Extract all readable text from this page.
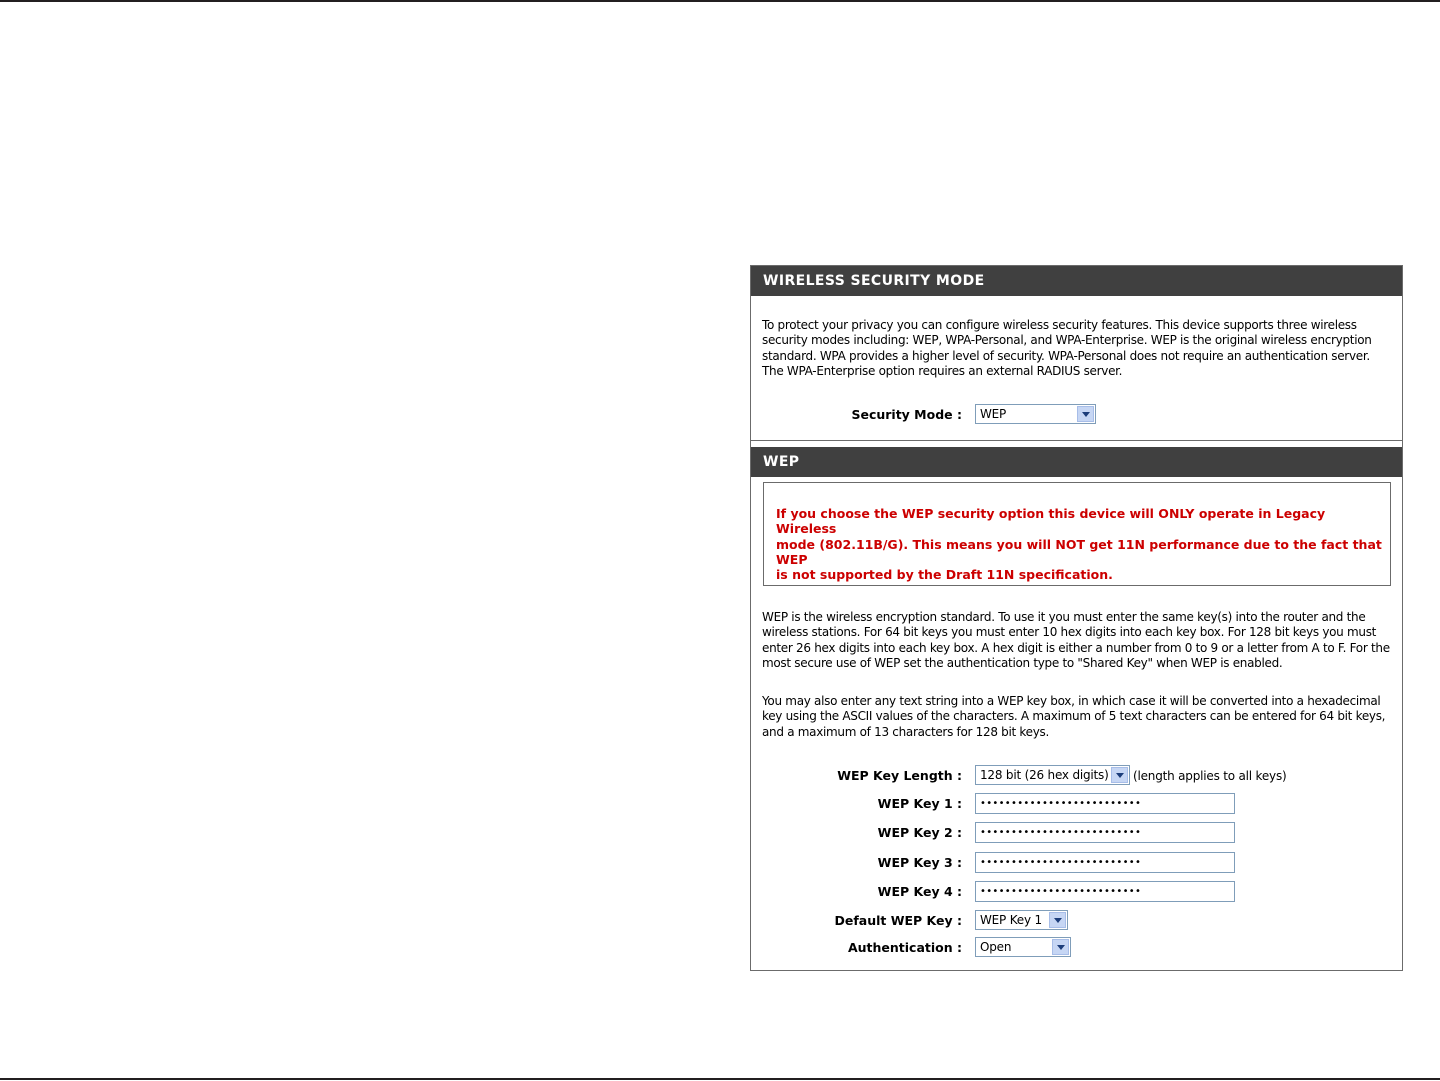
WIRELESS SECURITY MODE
To protect your privacy you can configure wireless security features. This device supports three wireless
security modes including: WEP, WPA-Personal, and WPA-Enterprise. WEP is the original wireless encryption
standard. WPA provides a higher level of security. WPA-Personal does not require an authentication server.
The WPA-Enterprise option requires an external RADIUS server.
Security Mode :	WEP
WEP
If you choose the WEP security option this device will ONLY operate in Legacy Wireless
mode (802.11B/G). This means you will NOT get 11N performance due to the fact that WEP
is not supported by the Draft 11N specification.
WEP is the wireless encryption standard. To use it you must enter the same key(s) into the router and the
wireless stations. For 64 bit keys you must enter 10 hex digits into each key box. For 128 bit keys you must
enter 26 hex digits into each key box. A hex digit is either a number from 0 to 9 or a letter from A to F. For the
most secure use of WEP set the authentication type to "Shared Key" when WEP is enabled.
You may also enter any text string into a WEP key box, in which case it will be converted into a hexadecimal
key using the ASCII values of the characters. A maximum of 5 text characters can be entered for 64 bit keys,
and a maximum of 13 characters for 128 bit keys.
WEP Key Length :	128 bit (26 hex digits)	(length applies to all keys)
WEP Key 1 :	••••••••••••••••••••••••••
WEP Key 2 :	••••••••••••••••••••••••••
WEP Key 3 :	••••••••••••••••••••••••••
WEP Key 4 :	••••••••••••••••••••••••••
Default WEP Key :	WEP Key 1
Authentication :	Open
